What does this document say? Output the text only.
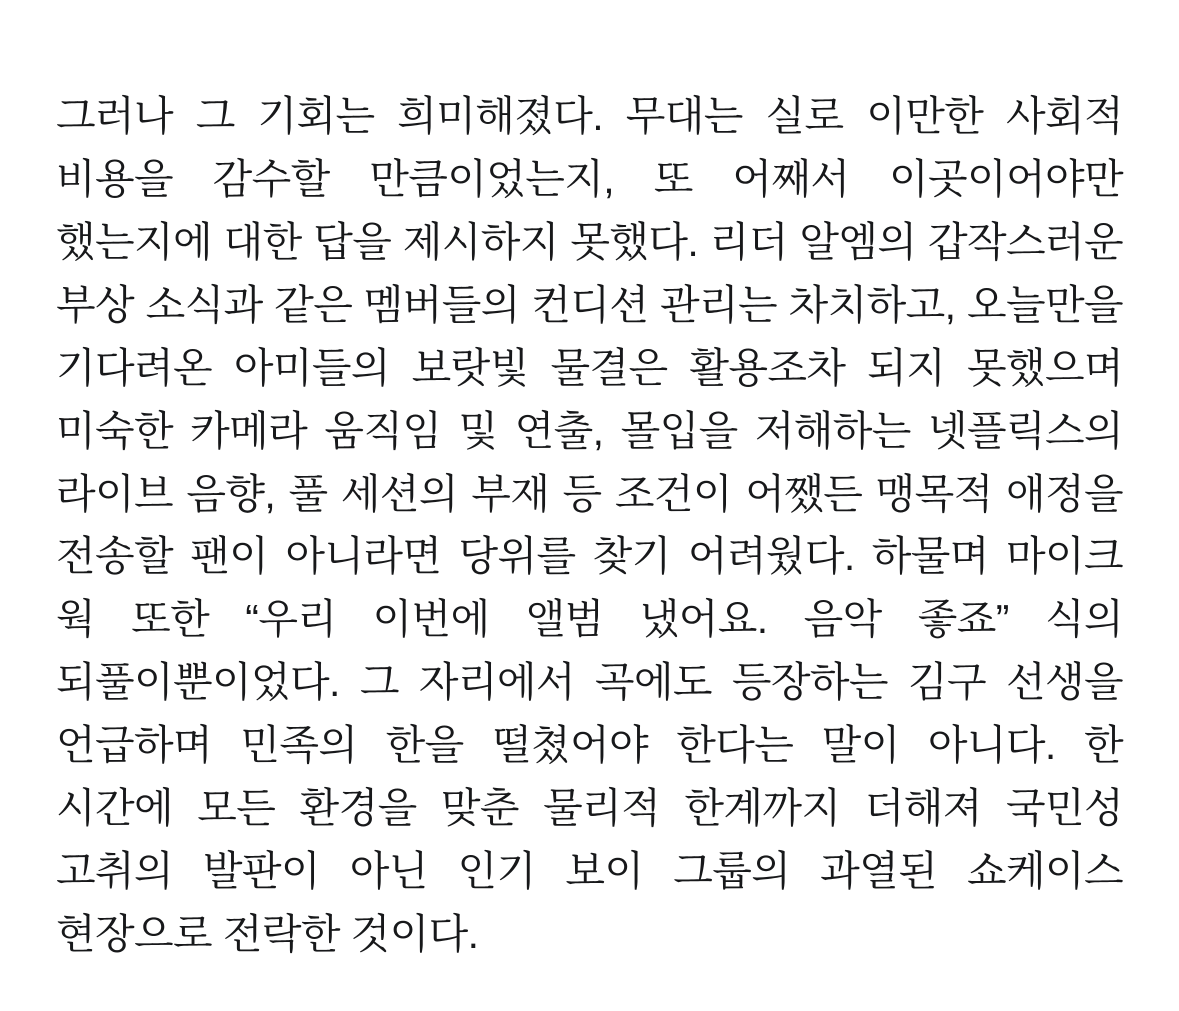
그러나 그 기회는 희미해졌다. 무대는 실로 이만한 사회적 비용을 감수할 만큼이었는지, 또 어째서 이곳이어야만 했는지에 대한 답을 제시하지 못했다. 리더 알엠의 갑작스러운 부상 소식과 같은 멤버들의 컨디션 관리는 차치하고, 오늘만을 기다려온 아미들의 보랏빛 물결은 활용조차 되지 못했으며 미숙한 카메라 움직임 및 연출, 몰입을 저해하는 넷플릭스의 라이브 음향, 풀 세션의 부재 등 조건이 어쨌든 맹목적 애정을 전송할 팬이 아니라면 당위를 찾기 어려웠다. 하물며 마이크 웍 또한 “우리 이번에 앨범 냈어요. 음악 좋죠” 식의 되풀이뿐이었다. 그 자리에서 곡에도 등장하는 김구 선생을 언급하며 민족의 한을 떨쳤어야 한다는 말이 아니다. 한 시간에 모든 환경을 맞춘 물리적 한계까지 더해져 국민성 고취의 발판이 아닌 인기 보이 그룹의 과열된 쇼케이스 현장으로 전락한 것이다.
